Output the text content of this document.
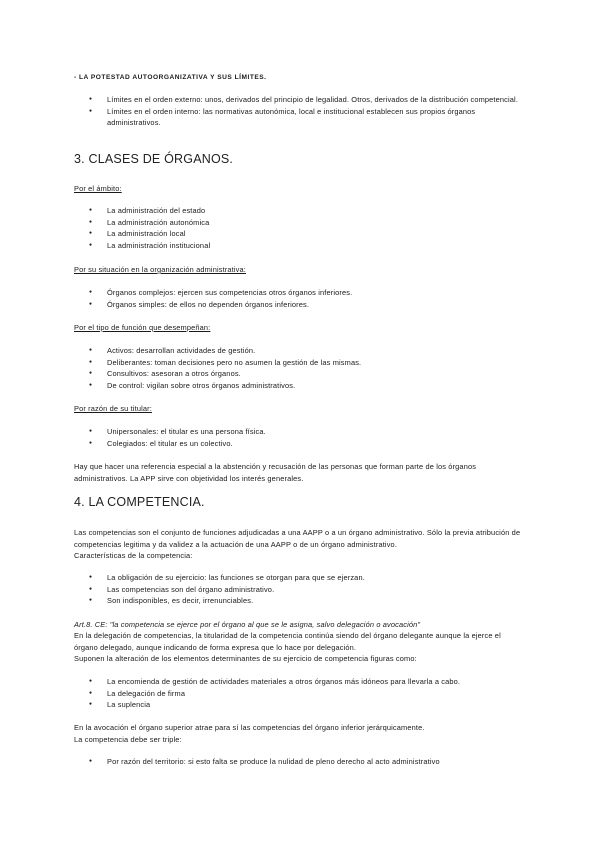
- LA POTESTAD AUTOORGANIZATIVA Y SUS LÍMITES.

● Límites en el orden externo: unos, derivados del principio de legalidad. Otros, derivados de la distribución competencial.
● Límites en el orden interno: las normativas autonómica, local e institucional establecen sus propios órganos administrativos.
3. CLASES DE ÓRGANOS.

Por el ámbito:

● La administración del estado
● La administración autonómica
● La administración local
● La administración institucional

Por su situación en la organización administrativa:

● Órganos complejos: ejercen sus competencias otros órganos inferiores.
● Órganos simples: de ellos no dependen órganos inferiores.

Por el tipo de función que desempeñan:

● Activos: desarrollan actividades de gestión.
● Deliberantes: toman decisiones pero no asumen la gestión de las mismas.
● Consultivos: asesoran a otros órganos.
● De control: vigilan sobre otros órganos administrativos.

Por razón de su titular:

● Unipersonales: el titular es una persona física.
● Colegiados: el titular es un colectivo.

Hay que hacer una referencia especial a la abstención y recusación de las personas que forman parte de los órganos administrativos. La APP sirve con objetividad los interés generales.

4. LA COMPETENCIA.

Las competencias son el conjunto de funciones adjudicadas a una AAPP o a un órgano administrativo. Sólo la previa atribución de competencias legitima y da validez a la actuación de una AAPP o de un órgano administrativo.

Características de la competencia:

● La obligación de su ejercicio: las funciones se otorgan para que se ejerzan.
● Las competencias son del órgano administrativo.
● Son indisponibles, es decir, irrenunciables.

Art.8. CE: "la competencia se ejerce por el órgano al que se le asigna, salvo delegación o avocación"

En la delegación de competencias, la titularidad de la competencia continúa siendo del órgano delegante aunque la ejerce el órgano delegado, aunque indicando de forma expresa que lo hace por delegación.

Suponen la alteración de los elementos determinantes de su ejercicio de competencia figuras como:

● La encomienda de gestión de actividades materiales a otros órganos más idóneos para llevarla a cabo.
● La delegación de firma
● La suplencia

En la avocación el órgano superior atrae para sí las competencias del órgano inferior jerárquicamente.

La competencia debe ser triple:

● Por razón del territorio: si esto falta se produce la nulidad de pleno derecho al acto administrativo
